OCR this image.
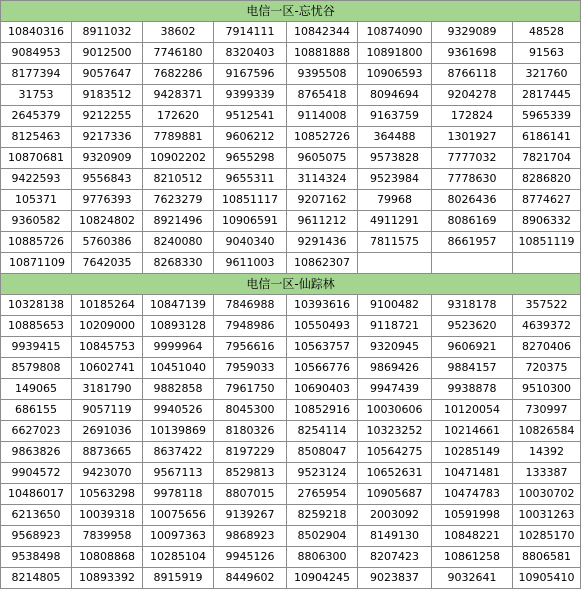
电信一区-忘忧谷							
10840316	8911032	38602	7914111	10842344	10874090	9329089	48528
9084953	9012500	7746180	8320403	10881888	10891800	9361698	91563
8177394	9057647	7682286	9167596	9395508	10906593	8766118	321760
31753	9183512	9428371	9399339	8765418	8094694	9204278	2817445
2645379	9212255	172620	9512541	9114008	9163759	172824	5965339
8125463	9217336	7789881	9606212	10852726	364488	1301927	6186141
10870681	9320909	10902202	9655298	9605075	9573828	7777032	7821704
9422593	9556843	8210512	9655311	3114324	9523984	7778630	8286820
105371	9776393	7623279	10851117	9207162	79968	8026436	8774627
9360582	10824802	8921496	10906591	9611212	4911291	8086169	8906332
10885726	5760386	8240080	9040340	9291436	7811575	8661957	10851119
10871109	7642035	8268330	9611003	10862307			
电信一区-仙踪林							
10328138	10185264	10847139	7846988	10393616	9100482	9318178	357522
10885653	10209000	10893128	7948986	10550493	9118721	9523620	4639372
9939415	10845753	9999964	7956616	10563757	9320945	9606921	8270406
8579808	10602741	10451040	7959033	10566776	9869426	9884157	720375
149065	3181790	9882858	7961750	10690403	9947439	9938878	9510300
686155	9057119	9940526	8045300	10852916	10030606	10120054	730997
6627023	2691036	10139869	8180326	8254114	10323252	10214661	10826584
9863826	8873665	8637422	8197229	8508047	10564275	10285149	14392
9904572	9423070	9567113	8529813	9523124	10652631	10471481	133387
10486017	10563298	9978118	8807015	2765954	10905687	10474783	10030702
6213650	10039318	10075656	9139267	8259218	2003092	10591998	10031263
9568923	7839958	10097363	9868923	8502904	8149130	10848221	10285170
9538498	10808868	10285104	9945126	8806300	8207423	10861258	8806581
8214805	10893392	8915919	8449602	10904245	9023837	9032641	10905410
